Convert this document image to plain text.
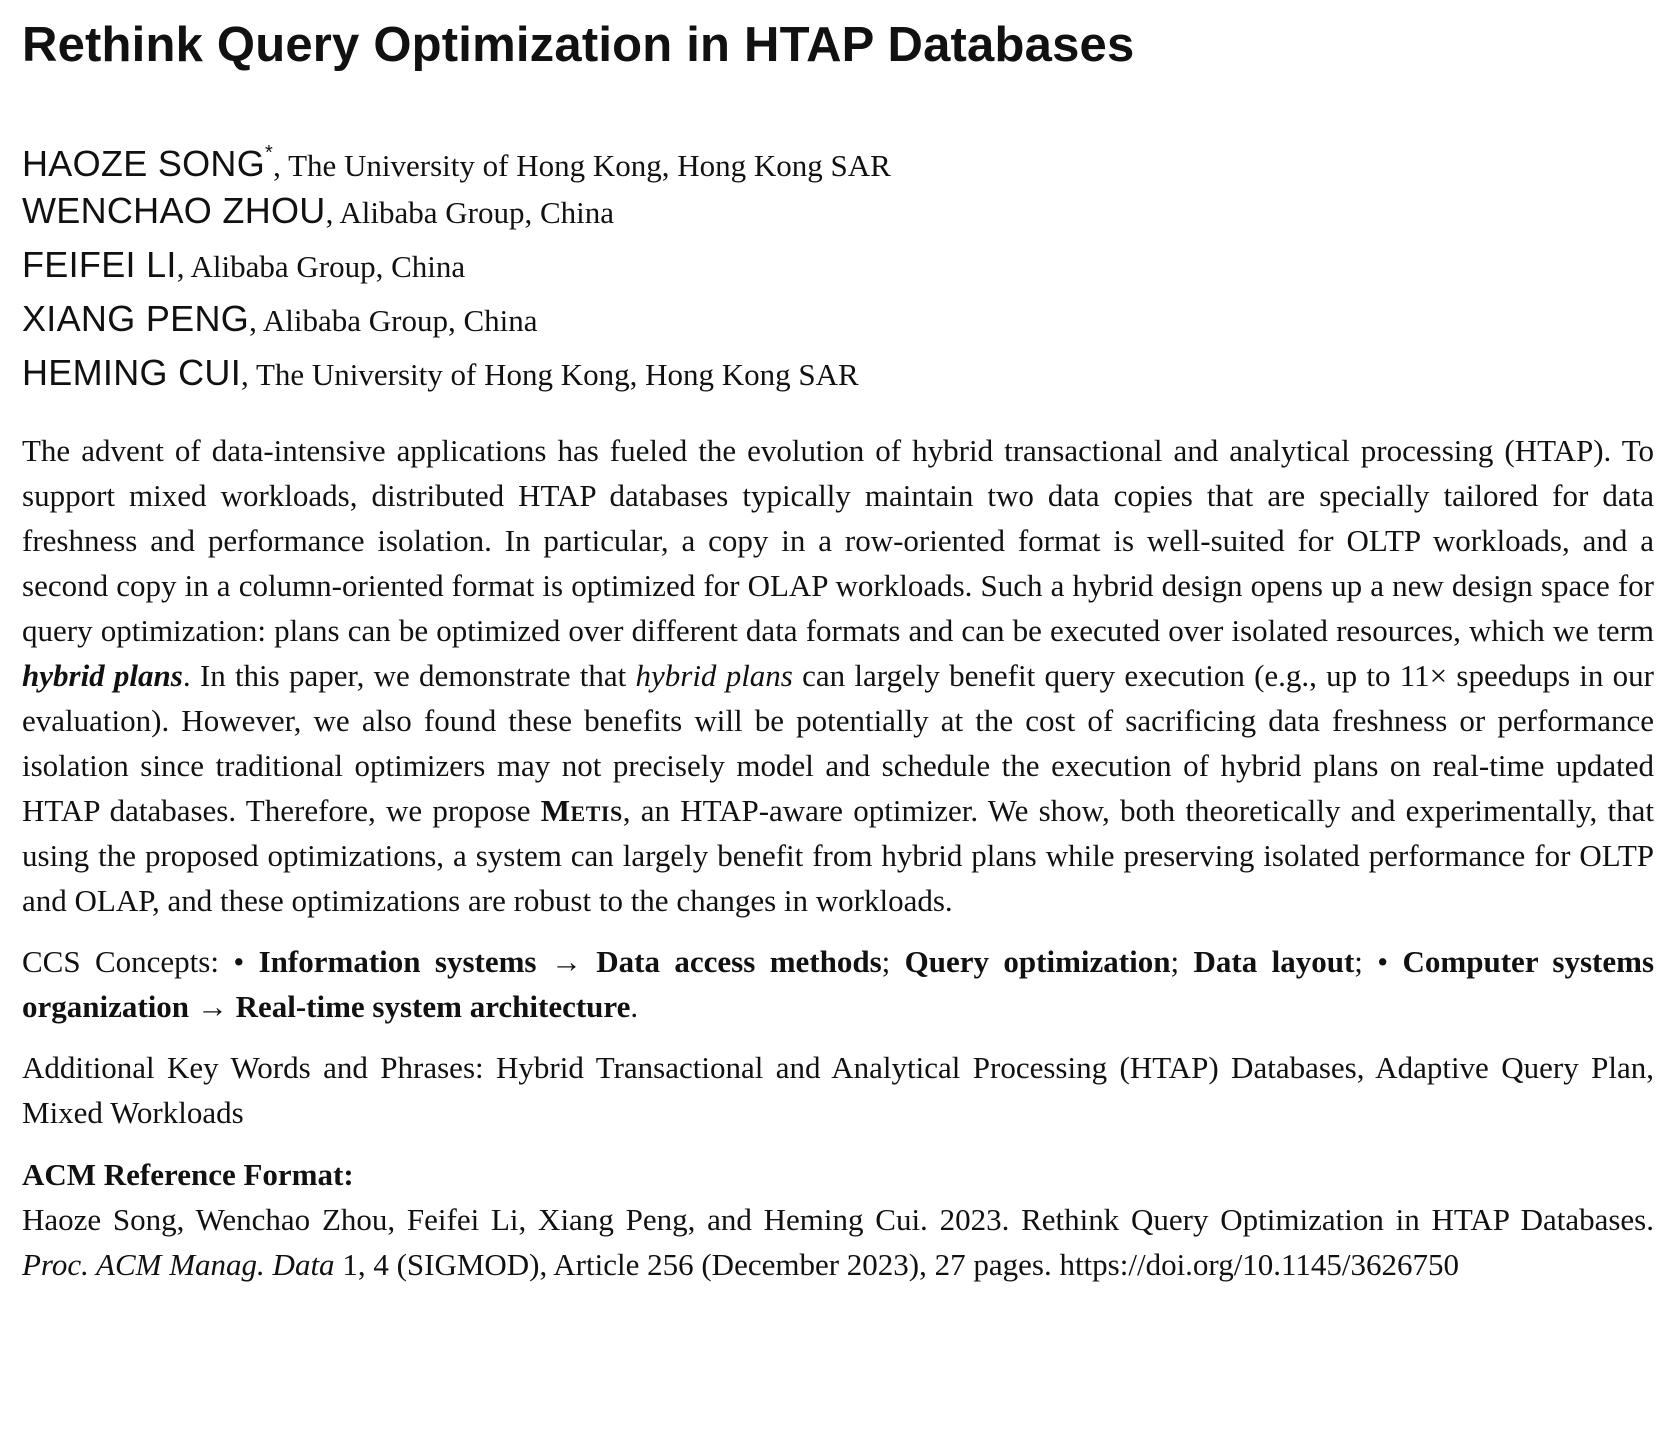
Rethink Query Optimization in HTAP Databases
HAOZE SONG*, The University of Hong Kong, Hong Kong SAR
WENCHAO ZHOU, Alibaba Group, China
FEIFEI LI, Alibaba Group, China
XIANG PENG, Alibaba Group, China
HEMING CUI, The University of Hong Kong, Hong Kong SAR

The advent of data-intensive applications has fueled the evolution of hybrid transactional and analytical processing (HTAP). To support mixed workloads, distributed HTAP databases typically maintain two data copies that are specially tailored for data freshness and performance isolation. In particular, a copy in a row-oriented format is well-suited for OLTP workloads, and a second copy in a column-oriented format is optimized for OLAP workloads. Such a hybrid design opens up a new design space for query optimization: plans can be optimized over different data formats and can be executed over isolated resources, which we term hybrid plans. In this paper, we demonstrate that hybrid plans can largely benefit query execution (e.g., up to 11× speedups in our evaluation). However, we also found these benefits will be potentially at the cost of sacrificing data freshness or performance isolation since traditional optimizers may not precisely model and schedule the execution of hybrid plans on real-time updated HTAP databases. Therefore, we propose Metis, an HTAP-aware optimizer. We show, both theoretically and experimentally, that using the proposed optimizations, a system can largely benefit from hybrid plans while preserving isolated performance for OLTP and OLAP, and these optimizations are robust to the changes in workloads.

CCS Concepts: • Information systems → Data access methods; Query optimization; Data layout; • Computer systems organization → Real-time system architecture.

Additional Key Words and Phrases: Hybrid Transactional and Analytical Processing (HTAP) Databases, Adaptive Query Plan, Mixed Workloads

ACM Reference Format:

Haoze Song, Wenchao Zhou, Feifei Li, Xiang Peng, and Heming Cui. 2023. Rethink Query Optimization in HTAP Databases. Proc. ACM Manag. Data 1, 4 (SIGMOD), Article 256 (December 2023), 27 pages. https://doi.org/10.1145/3626750
